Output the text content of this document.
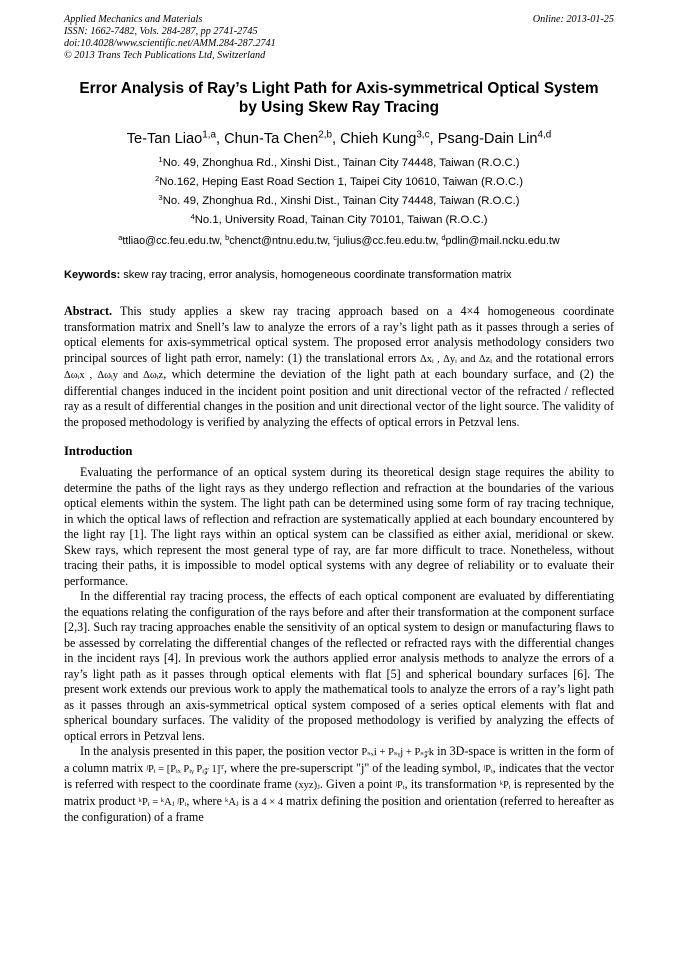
Applied Mechanics and Materials
ISSN: 1662-7482, Vols. 284-287, pp 2741-2745
doi:10.4028/www.scientific.net/AMM.284-287.2741
© 2013 Trans Tech Publications Ltd, Switzerland
Online: 2013-01-25
Error Analysis of Ray’s Light Path for Axis-symmetrical Optical System
by Using Skew Ray Tracing
Te-Tan Liao$^{1,a}$, Chun-Ta Chen$^{2,b}$, Chieh Kung$^{3,c}$, Psang-Dain Lin$^{4,d}$
$^1$No. 49, Zhonghua Rd., Xinshi Dist., Tainan City 74448, Taiwan (R.O.C.)
$^2$No.162, Heping East Road Section 1, Taipei City 10610, Taiwan (R.O.C.)
$^3$No. 49, Zhonghua Rd., Xinshi Dist., Tainan City 74448, Taiwan (R.O.C.)
$^4$No.1, University Road, Tainan City 70101, Taiwan (R.O.C.)
$^a$ttliao@cc.feu.edu.tw, $^b$chenct@ntnu.edu.tw, $^c$julius@cc.feu.edu.tw, $^d$pdlin@mail.ncku.edu.tw
Keywords: skew ray tracing, error analysis, homogeneous coordinate transformation matrix
Abstract. This study applies a skew ray tracing approach based on a 4×4 homogeneous coordinate transformation matrix and Snell’s law to analyze the errors of a ray’s light path as it passes through a series of optical elements for axis-symmetrical optical system. The proposed error analysis methodology considers two principal sources of light path error, namely: (1) the translational errors Δxᵢ , Δyᵢ and Δzᵢ and the rotational errors Δωᵢx , Δωᵢy and Δωᵢz, which determine the deviation of the light path at each boundary surface, and (2) the differential changes induced in the incident point position and unit directional vector of the refracted / reflected ray as a result of differential changes in the position and unit directional vector of the light source. The validity of the proposed methodology is verified by analyzing the effects of optical errors in Petzval lens.
Introduction
Evaluating the performance of an optical system during its theoretical design stage requires the ability to determine the paths of the light rays as they undergo reflection and refraction at the boundaries of the various optical elements within the system. The light path can be determined using some form of ray tracing technique, in which the optical laws of reflection and refraction are systematically applied at each boundary encountered by the light ray [1]. The light rays within an optical system can be classified as either axial, meridional or skew. Skew rays, which represent the most general type of ray, are far more difficult to trace. Nonetheless, without tracing their paths, it is impossible to model optical systems with any degree of reliability or to evaluate their performance.
In the differential ray tracing process, the effects of each optical component are evaluated by differentiating the equations relating the configuration of the rays before and after their transformation at the component surface [2,3]. Such ray tracing approaches enable the sensitivity of an optical system to design or manufacturing flaws to be assessed by correlating the differential changes of the reflected or refracted rays with the differential changes in the incident rays [4]. In previous work the authors applied error analysis methods to analyze the errors of a ray’s light path as it passes through optical elements with flat [5] and spherical boundary surfaces [6]. The present work extends our previous work to apply the mathematical tools to analyze the errors of a ray’s light path as it passes through an axis-symmetrical optical system composed of a series optical elements with flat and spherical boundary surfaces. The validity of the proposed methodology is verified by analyzing the effects of optical errors in Petzval lens.
In the analysis presented in this paper, the position vector Pₛₓi + Pₛᵧj + Pₛ𝓏k in 3D-space is written in the form of a column matrix ʲPᵢ = [Pᵢₓ Pᵢᵧ Pᵢ𝓏 1]ᵀ, where the pre-superscript "j" of the leading symbol, ʲPᵢ, indicates that the vector is referred with respect to the coordinate frame (xyz)ⱼ. Given a point ʲPᵢ, its transformation ᵏPᵢ is represented by the matrix product ᵏPᵢ = ᵏAⱼ ʲPᵢ, where ᵏAⱼ is a 4 × 4 matrix defining the position and orientation (referred to hereafter as the configuration) of a frame
